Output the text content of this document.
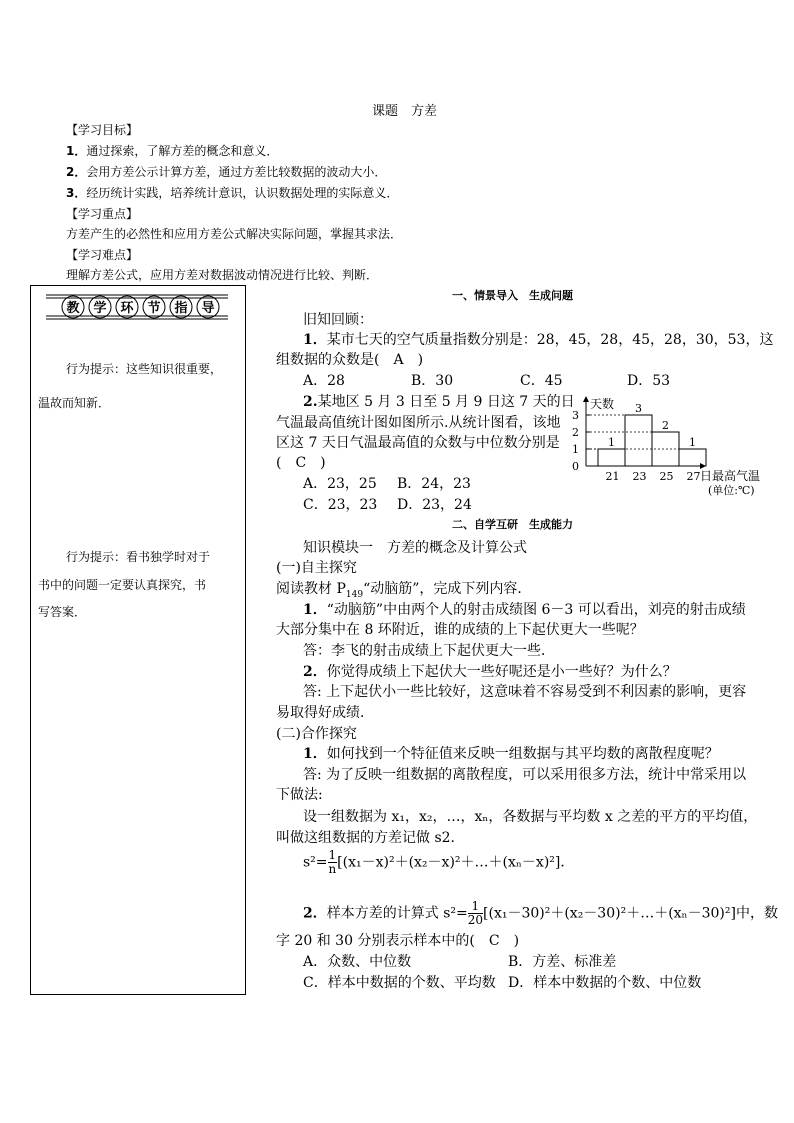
课题　方差
【学习目标】
1．通过探索，了解方差的概念和意义．
2．会用方差公示计算方差，通过方差比较数据的波动大小．
3．经历统计实践，培养统计意识，认识数据处理的实际意义．
【学习重点】
方差产生的必然性和应用方差公式解决实际问题，掌握其求法．
【学习难点】
理解方差公式，应用方差对数据波动情况进行比较、判断．
教 学 环 节 指 导
行为提示：这些知识很重要，
温故而知新．
行为提示：看书独学时对于
书中的问题一定要认真探究，书
写答案．
一、情景导入　生成问题
旧知回顾：
1．某市七天的空气质量指数分别是：28，45，28，45，28，30，53，这
组数据的众数是(　A　)
A．28	B．30	C．45	D．53
2.某地区 5 月 3 日至 5 月 9 日这 7 天的日
气温最高值统计图如图所示.从统计图看，该地
区这 7 天日气温最高值的众数与中位数分别是
(　C　)
A．23，25 B．24，23
C．23，23 D．23，24
0
1
2
3
1
21
3
23
2
25
1
27
天数
日最高气温
(单位:℃)
二、自学互研　生成能力
知识模块一　方差的概念及计算公式
(一)自主探究
阅读教材 $P_{149}“$动脑筋”，完成下列内容．
1．“动脑筋”中由两个人的射击成绩图 6－3 可以看出，刘亮的射击成绩
大部分集中在 8 环附近，谁的成绩的上下起伏更大一些呢？
答：李飞的射击成绩上下起伏更大一些．
2．你觉得成绩上下起伏大一些好呢还是小一些好？为什么？
答: 上下起伏小一些比较好，这意味着不容易受到不利因素的影响，更容
易取得好成绩．
(二)合作探究
1．如何找到一个特征值来反映一组数据与其平均数的离散程度呢？
答: 为了反映一组数据的离散程度，可以采用很多方法，统计中常采用以
下做法:
设一组数据为 x₁，x₂，…，xₙ，各数据与平均数 x 之差的平方的平均值，
叫做这组数据的方差记做 s2.
$s^2= \frac{1}{n}$ [(x₁－x)²＋(x₂－x)²＋…＋(xₙ－x)²]．
2．样本方差的计算式 $s^2= \frac{1}{20}$ [(x₁－30)²＋(x₂－30)²＋…＋(xₙ－30)²]中，数
字 20 和 30 分别表示样本中的(　C　)
A．众数、中位数	B．方差、标准差
C．样本中数据的个数、平均数 D．样本中数据的个数、中位数
